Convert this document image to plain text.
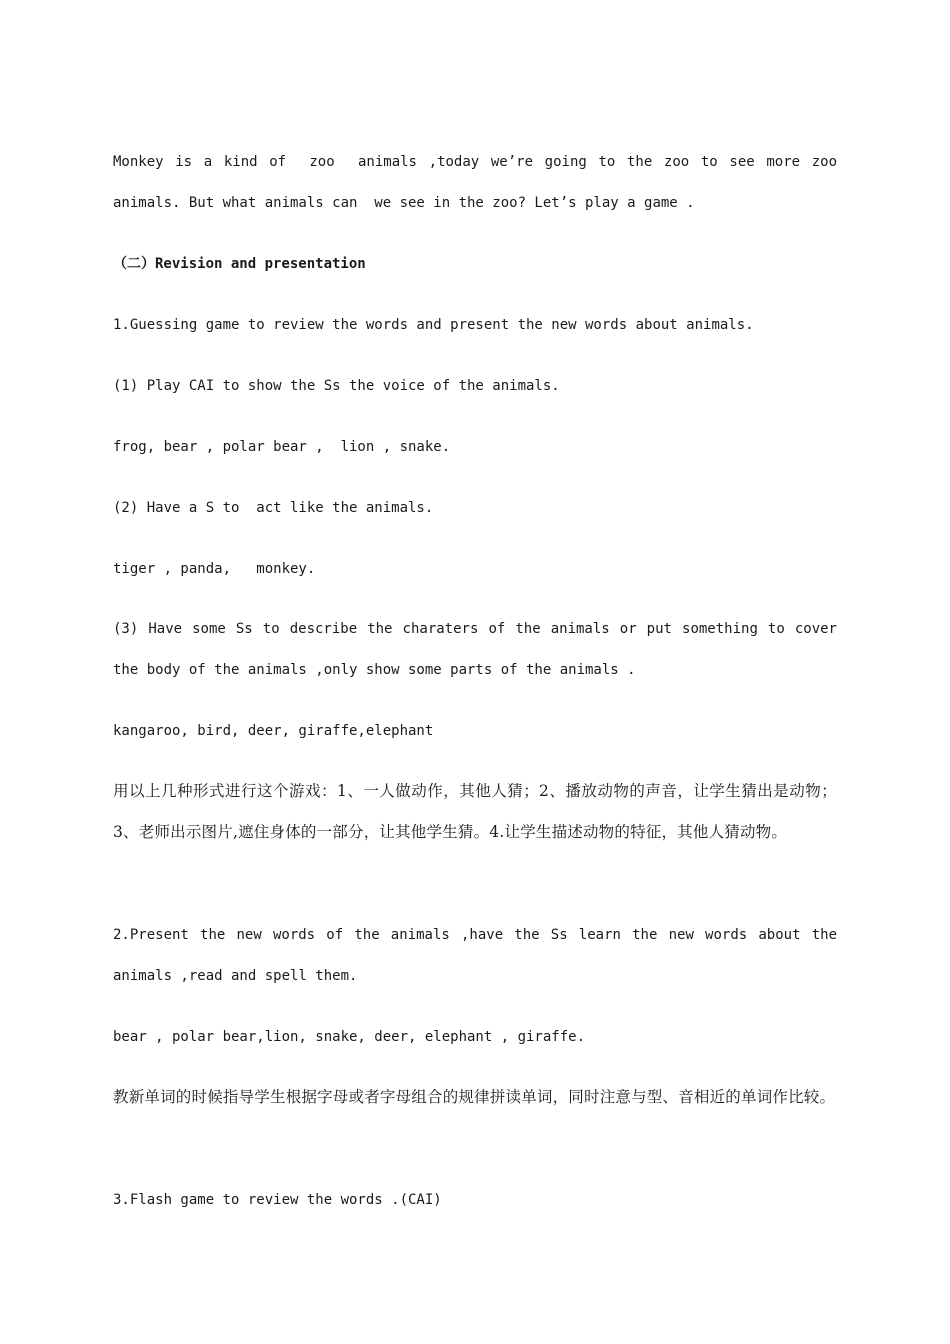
Monkey is a kind of  zoo  animals ,today we’re going to the zoo to see more zoo animals. But what animals can  we see in the zoo? Let’s play a game .

（二）Revision and presentation

1.Guessing game to review the words and present the new words about animals.

(1) Play CAI to show the Ss the voice of the animals.

frog, bear , polar bear ,  lion , snake.

(2) Have a S to  act like the animals.

tiger , panda,   monkey.

(3) Have some Ss to describe the charaters of the animals or put something to cover the body of the animals ,only show some parts of the animals .

kangaroo, bird, deer, giraffe,elephant

用以上几种形式进行这个游戏：1、一人做动作，其他人猜；2、播放动物的声音，让学生猜出是动物；3、老师出示图片,遮住身体的一部分，让其他学生猜。4.让学生描述动物的特征，其他人猜动物。

2.Present the new words of the animals ,have the Ss learn the new words about the animals ,read and spell them.

bear , polar bear,lion, snake, deer, elephant , giraffe.

教新单词的时候指导学生根据字母或者字母组合的规律拼读单词，同时注意与型、音相近的单词作比较。

3.Flash game to review the words .(CAI)
